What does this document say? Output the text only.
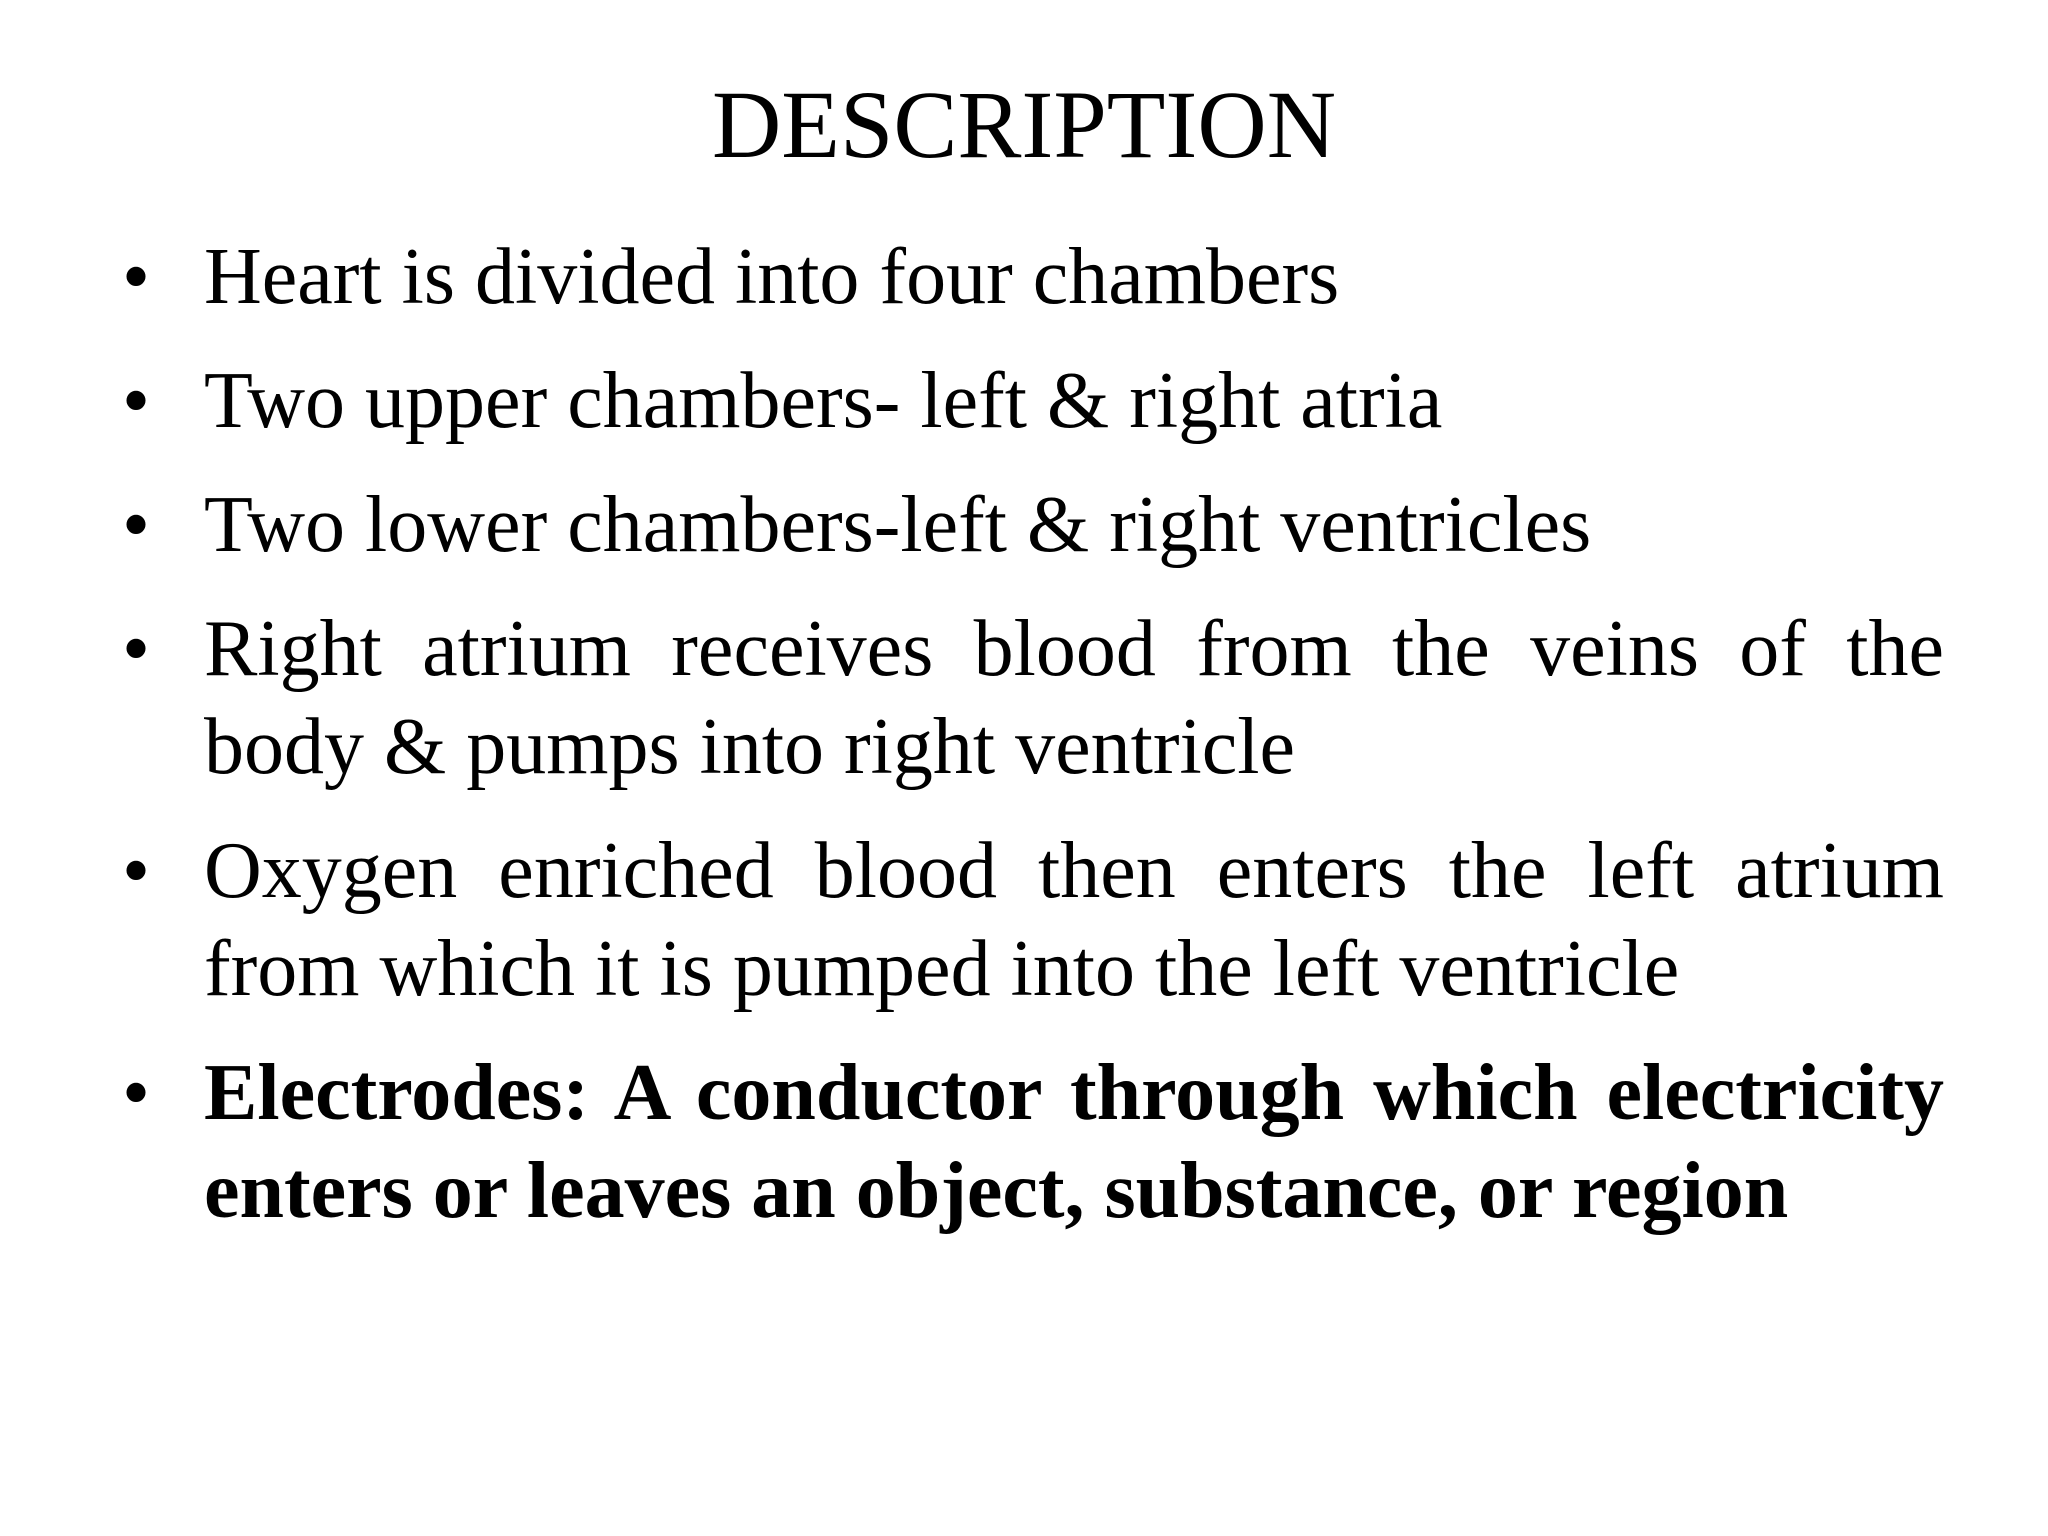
DESCRIPTION
• Heart is divided into four chambers
• Two upper chambers- left & right atria
• Two lower chambers-left & right ventricles
• Right atrium receives blood from the veins of the body & pumps into right ventricle
• Oxygen enriched blood then enters the left atrium from which it is pumped into the left ventricle
• Electrodes: A conductor through which electricity enters or leaves an object, substance, or region
